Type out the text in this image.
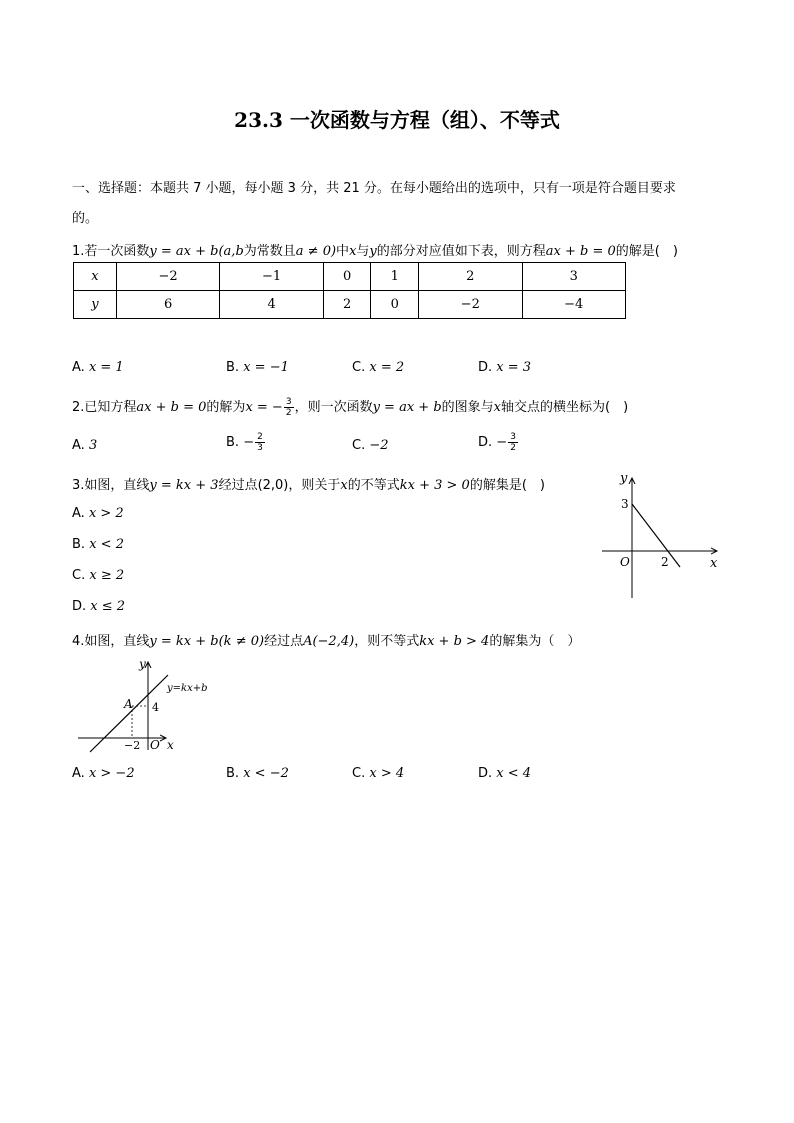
23.3 一次函数与方程（组）、不等式
一、选择题：本题共 7 小题，每小题 3 分，共 21 分。在每小题给出的选项中，只有一项是符合题目要求
的。
1.若一次函数y = ax + b(a,b为常数且a ≠ 0)中x与y的部分对应值如下表，则方程ax + b = 0的解是(　)
x	−2	−1	0	1	2	3
y	6	4	2	0	−2	−4
A. x = 1	B. x = −1	C. x = 2	D. x = 3
2.已知方程ax + b = 0的解为x = − $\frac{3}{2}$ ，则一次函数y = ax + b的图象与x轴交点的横坐标为(　)
A. 3	B. − $\frac{2}{3}$	C. −2	D. − $\frac{3}{2}$
3.如图，直线y = kx + 3经过点(2,0)，则关于x的不等式kx + 3 > 0的解集是(　)
A. x > 2
B. x < 2
C. x ≥ 2
D. x ≤ 2
y
x
O
3
2
4.如图，直线y = kx + b(k ≠ 0)经过点A(−2,4)，则不等式kx + b > 4的解集为（　）
y
x
O
A 4
−2
y=kx+b
A. x > −2	B. x < −2	C. x > 4	D. x < 4
